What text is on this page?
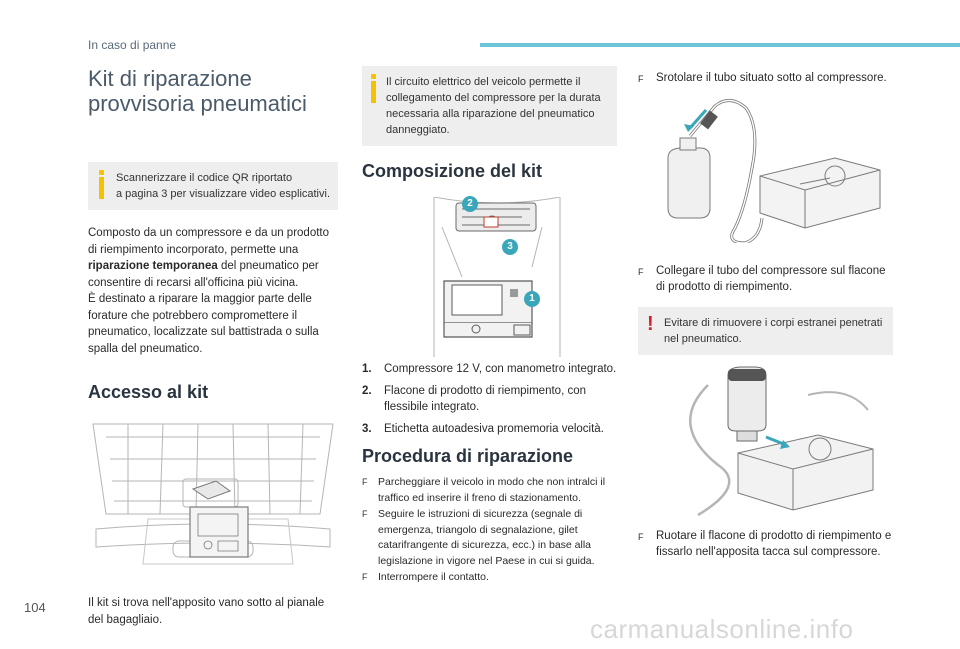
In caso di panne
Kit di riparazione
provvisoria pneumatici
Scannerizzare il codice QR riportato
a pagina 3 per visualizzare video esplicativi.
Composto da un compressore e da un prodotto di riempimento incorporato, permette una riparazione temporanea del pneumatico per consentire di recarsi all'officina più vicina.
È destinato a riparare la maggior parte delle forature che potrebbero compromettere il pneumatico, localizzate sul battistrada o sulla spalla del pneumatico.
Accesso al kit
Il kit si trova nell'apposito vano sotto al pianale del bagagliaio.
Il circuito elettrico del veicolo permette il collegamento del compressore per la durata necessaria alla riparazione del pneumatico danneggiato.
Composizione del kit
1
2
3
1.	Compressore 12 V, con manometro integrato.
2.	Flacone di prodotto di riempimento, con flessibile integrato.
3.	Etichetta autoadesiva promemoria velocità.
Procedura di riparazione
F	Parcheggiare il veicolo in modo che non intralci il traffico ed inserire il freno di stazionamento.
F	Seguire le istruzioni di sicurezza (segnale di emergenza, triangolo di segnalazione, gilet catarifrangente di sicurezza, ecc.) in base alla legislazione in vigore nel Paese in cui si guida.
F	Interrompere il contatto.
F	Srotolare il tubo situato sotto al compressore.
F	Collegare il tubo del compressore sul flacone di prodotto di riempimento.
! Evitare di rimuovere i corpi estranei penetrati nel pneumatico.
F	Ruotare il flacone di prodotto di riempimento e fissarlo nell'apposita tacca sul compressore.
104
carmanualsonline.info
